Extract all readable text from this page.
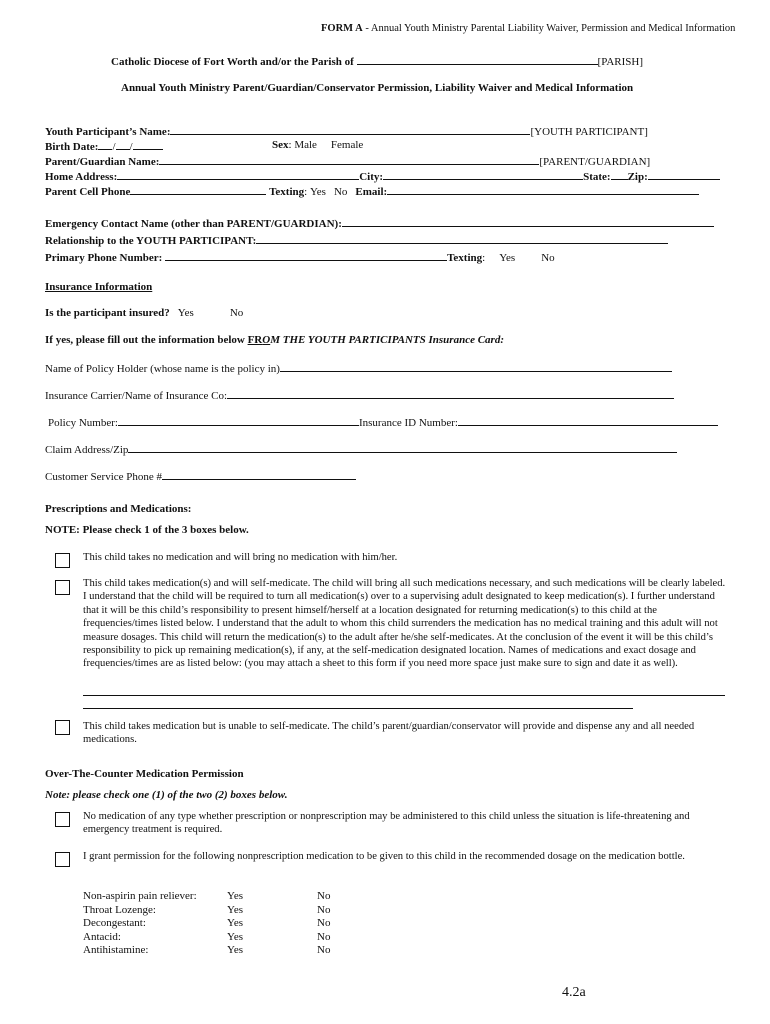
FORM A - Annual Youth Ministry Parental Liability Waiver, Permission and Medical Information
Catholic Diocese of Fort Worth and/or the Parish of	[PARISH]
Annual Youth Ministry Parent/Guardian/Conservator Permission, Liability Waiver and Medical Information
Youth Participant’s Name:	[YOUTH PARTICIPANT]
Birth Date: / /	Sex: Male Female
Parent/Guardian Name:	[PARENT/GUARDIAN]
Home Address:	City:	State: Zip:
Parent Cell Phone	Texting: Yes No Email:
Emergency Contact Name (other than PARENT/GUARDIAN):
Relationship to the YOUTH PARTICIPANT:
Primary Phone Number:	Texting: Yes No
Insurance Information
Is the participant insured? Yes	No
If yes, please fill out the information below FROM THE YOUTH PARTICIPANTS Insurance Card:
Name of Policy Holder (whose name is the policy in)
Insurance Carrier/Name of Insurance Co:
Policy Number:	Insurance ID Number:
Claim Address/Zip
Customer Service Phone #
Prescriptions and Medications:
NOTE: Please check 1 of the 3 boxes below.
This child takes no medication and will bring no medication with him/her.
This child takes medication(s) and will self-medicate. The child will bring all such medications necessary, and such medications will be clearly labeled. I understand that the child will be required to turn all medication(s) over to a supervising adult designated to keep medication(s). I further understand that it will be this child’s responsibility to present himself/herself at a location designated for returning medication(s) to this child at the frequencies/times listed below. I understand that the adult to whom this child surrenders the medication has no medical training and this adult will not measure dosages. This child will return the medication(s) to the adult after he/she self-medicates. At the conclusion of the event it will be this child’s responsibility to pick up remaining medication(s), if any, at the self-medication designated location. Names of medications and exact dosage and frequencies/times are as listed below: (you may attach a sheet to this form if you need more space just make sure to sign and date it as well).
This child takes medication but is unable to self-medicate. The child’s parent/guardian/conservator will provide and dispense any and all needed medications.
Over-The-Counter Medication Permission
Note: please check one (1) of the two (2) boxes below.
No medication of any type whether prescription or nonprescription may be administered to this child unless the situation is life-threatening and emergency treatment is required.
I grant permission for the following nonprescription medication to be given to this child in the recommended dosage on the medication bottle.
Non-aspirin pain reliever:	Yes	No
Throat Lozenge:	Yes	No
Decongestant:	Yes	No
Antacid:	Yes	No
Antihistamine:	Yes	No
4.2a
